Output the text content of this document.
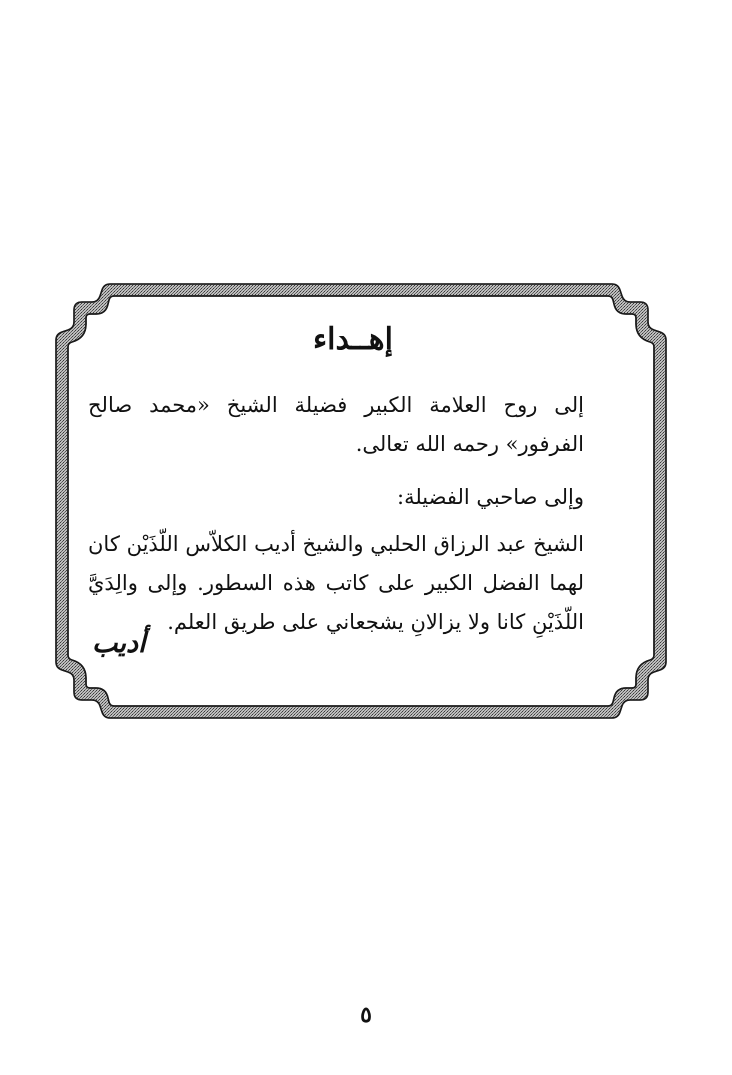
إهــداء

إلى روح العلامة الكبير فضيلة الشيخ «محمد صالح الفرفور» رحمه الله تعالى.

وإلى صاحبي الفضيلة:

الشيخ عبد الرزاق الحلبي والشيخ أديب الكلاّس اللّذَيْن كان لهما الفضل الكبير على كاتب هذه السطور. وإلى والِدَيَّ اللّذَيْنِ كانا ولا يزالانِ يشجعاني على طريق العلم.

أديب
٥
